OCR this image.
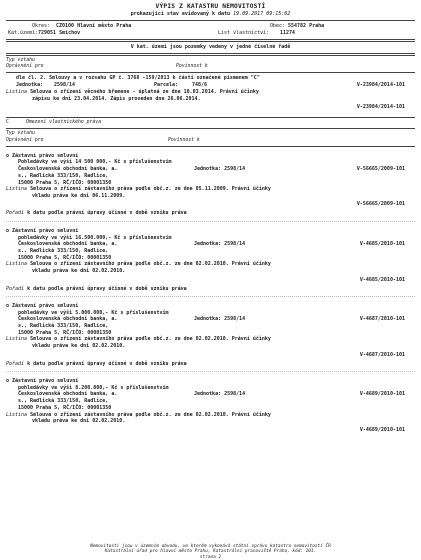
VÝPIS Z KATASTRU NEMOVITOSTÍ
prokazující stav evidovaný k datu 19.09.2017 09:15:02
Okres: CZ0100 Hlavní město Praha	Obec: 554782 Praha
Kat.území: 729051 Smíchov	List vlastnictví: 11274
V kat. území jsou pozemky vedeny v jedné číselné řadě
Typ vztahu
Oprávnění pro	Povinnost k
dle čl. 2. Smlouvy a v rozsahu GP č. 3768 -159/2013 k části označené písmenem "C"
Jednotka: 2598/14	Parcela:	748/6	V-23984/2014-101
Listina Smlouva o zřízení věcného břemene - úplatná ze dne 10.03.2014. Právní účinky
zápisu ke dni 23.04.2014. Zápis proveden dne 26.06.2014.
V-23984/2014-101
C	Omezení vlastnického práva
Typ vztahu
Oprávnění pro	Povinnost k
o Zástavní právo smluvní
Pohledávky ve výši 14 500 000,- Kč s příslušenstvím
Československá obchodní banka, a.	Jednotka: 2598/14	V-56665/2009-101
s., Radlická 333/150, Radlice,
15000 Praha 5, RČ/IČO: 00001350
Listina Smlouva o zřízení zástavního práva podle obč.z. ze dne 05.11.2009. Právní účinky
vkladu práva ke dni 06.11.2009.
V-56665/2009-101
Pořadí k datu podle právní úpravy účinné v době vzniku práva
o Zástavní právo smluvní
pohledávky ve výši 16.500.000,- Kč s příslušenstvím
Československá obchodní banka, a.	Jednotka: 2598/14	V-4685/2010-101
s., Radlická 333/150, Radlice,
15000 Praha 5, RČ/IČO: 00001350
Listina Smlouva o zřízení zástavního práva podle obč.z. ze dne 02.02.2010. Právní účinky
vkladu práva ke dni 02.02.2010.
V-4685/2010-101
Pořadí k datu podle právní úpravy účinné v době vzniku práva
o Zástavní právo smluvní
pohledávky ve výši 5.000.000,- Kč s příslušenstvím
Československá obchodní banka, a.	Jednotka: 2598/14	V-4687/2010-101
s., Radlická 333/150, Radlice,
15000 Praha 5, RČ/IČO: 00001350
Listina Smlouva o zřízení zástavního práva podle obč.z. ze dne 02.02.2010. Právní účinky
vkladu práva ke dni 02.02.2010.
V-4687/2010-101
Pořadí k datu podle právní úpravy účinné v době vzniku práva
o Zástavní právo smluvní
pohledávky ve výši 8.200.000,- Kč s příslušenstvím
Československá obchodní banka, a.	Jednotka: 2598/14	V-4689/2010-101
s., Radlická 333/150, Radlice,
15000 Praha 5, RČ/IČO: 00001350
Listina Smlouva o zřízení zástavního práva podle obč.z. ze dne 02.02.2010. Právní účinky
vkladu práva ke dni 02.02.2010.
V-4689/2010-101
Nemovitosti jsou v územním obvodu, ve kterém vykonává státní správu katastru nemovitostí ČR
Katastrální úřad pro hlavní město Prahu, Katastrální pracoviště Praha, kód: 101.
strana 2
